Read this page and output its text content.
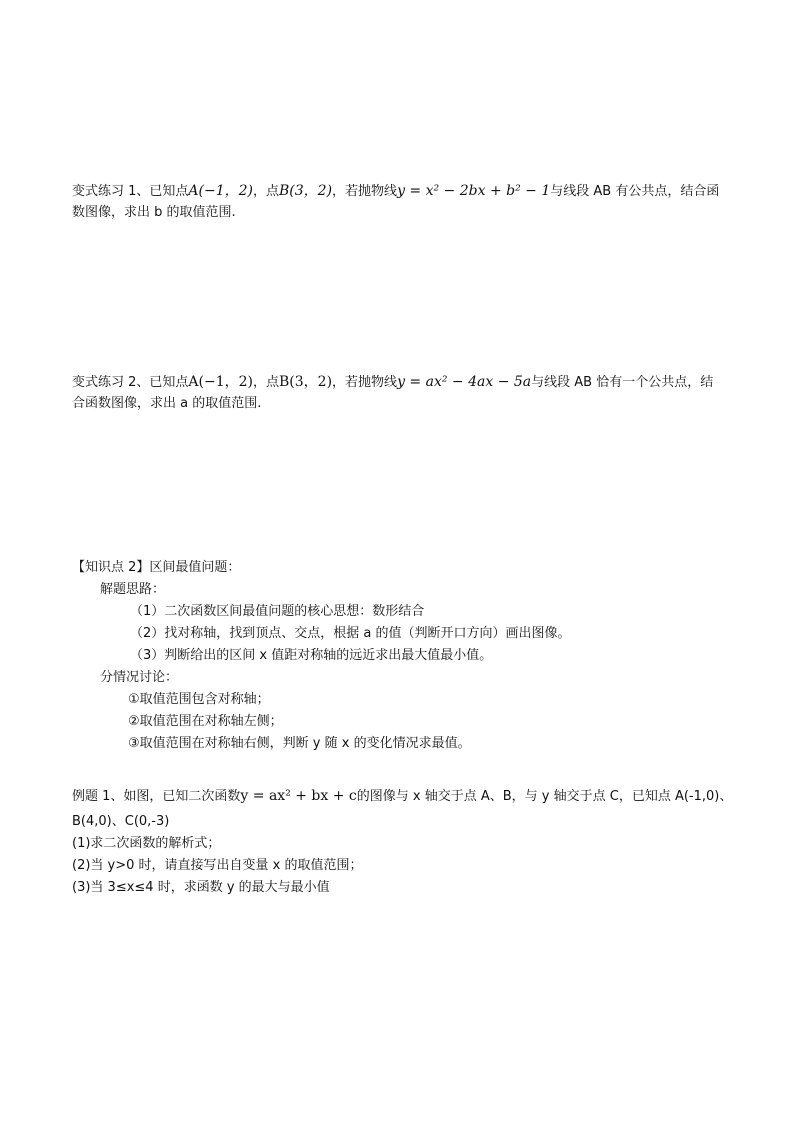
变式练习 1、已知点A(−1，2)，点B(3，2)，若抛物线y = x² − 2bx + b² − 1与线段 AB 有公共点，结合函
数图像，求出 b 的取值范围.
变式练习 2、已知点A(−1，2)，点B(3，2)，若抛物线y = ax² − 4ax − 5a与线段 AB 恰有一个公共点，结
合函数图像，求出 a 的取值范围.
【知识点 2】区间最值问题：
解题思路：
（1）二次函数区间最值问题的核心思想：数形结合
（2）找对称轴，找到顶点、交点，根据 a 的值（判断开口方向）画出图像。
（3）判断给出的区间 x 值距对称轴的远近求出最大值最小值。
分情况讨论：
①取值范围包含对称轴；
②取值范围在对称轴左侧；
③取值范围在对称轴右侧，判断 y 随 x 的变化情况求最值。
例题 1、如图，已知二次函数y = ax² + bx + c的图像与 x 轴交于点 A、B，与 y 轴交于点 C，已知点 A(-1,0)、
B(4,0)、C(0,-3)
(1)求二次函数的解析式；
(2)当 y>0 时，请直接写出自变量 x 的取值范围；
(3)当 3≤x≤4 时，求函数 y 的最大与最小值
